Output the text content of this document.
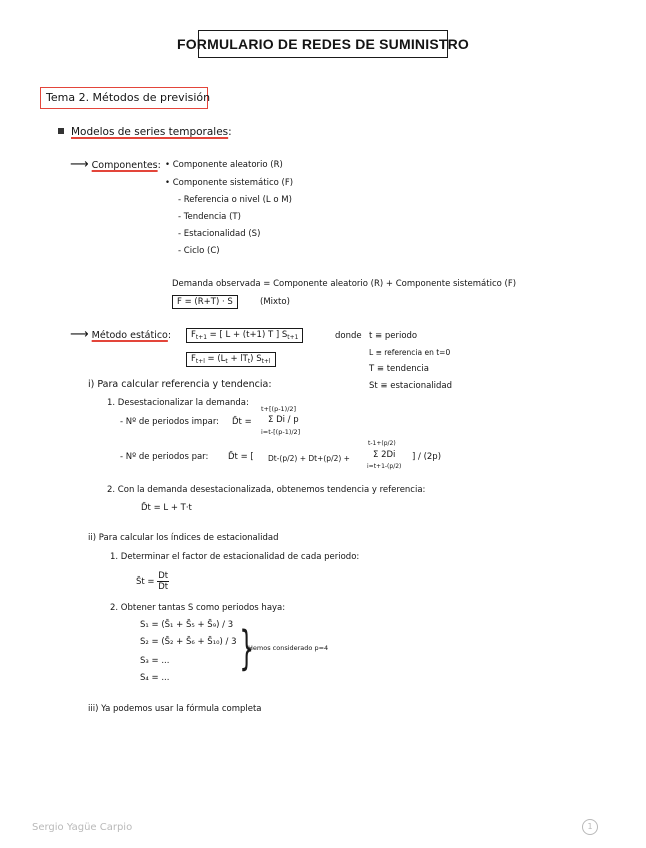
FORMULARIO DE REDES DE SUMINISTRO
Tema 2. Métodos de previsión
Modelos de series temporales:
⟶ Componentes: • Componente aleatorio (R)
• Componente sistemático (F)
- Referencia o nivel (L o M)
- Tendencia (T)
- Estacionalidad (S)
- Ciclo (C)
Demanda observada = Componente aleatorio (R) + Componente sistemático (F)
F = (R+T) · S	(Mixto)
⟶ Método estático:	$F_{t+1}$ = [ L + (t+1) T ] $S_{t+1}$
$F_{t+l} = (L_t + lT_t)$ $S_{t+l}$
donde t ≡ periodo
L ≡ referencia en t=0
T ≡ tendencia
St ≡ estacionalidad
i) Para calcular referencia y tendencia:
1. Desestacionalizar la demanda:
- Nº de periodos impar: D̄t =
t+[(p-1)/2]
Σ Di / p
i=t-[(p-1)/2]
- Nº de periodos par: D̄t = [ Dt-(p/2) + Dt+(p/2) +
t-1+(p/2)
Σ 2Di
i=t+1-(p/2)
] / (2p)
2. Con la demanda desestacionalizada, obtenemos tendencia y referencia:
D̄t = L + T·t
ii) Para calcular los índices de estacionalidad
1. Determinar el factor de estacionalidad de cada periodo:
S̄t = $\frac{Dt}{D̄t}$
2. Obtener tantas S como periodos haya:
S₁ = (S̄₁ + S̄₅ + S̄₉) / 3
S₂ = (S̄₂ + S̄₆ + S̄₁₀) / 3
S₃ = ...
S₄ = ...
}
Hemos considerado p=4
iii) Ya podemos usar la fórmula completa
Sergio Yagüe Carpio	1
